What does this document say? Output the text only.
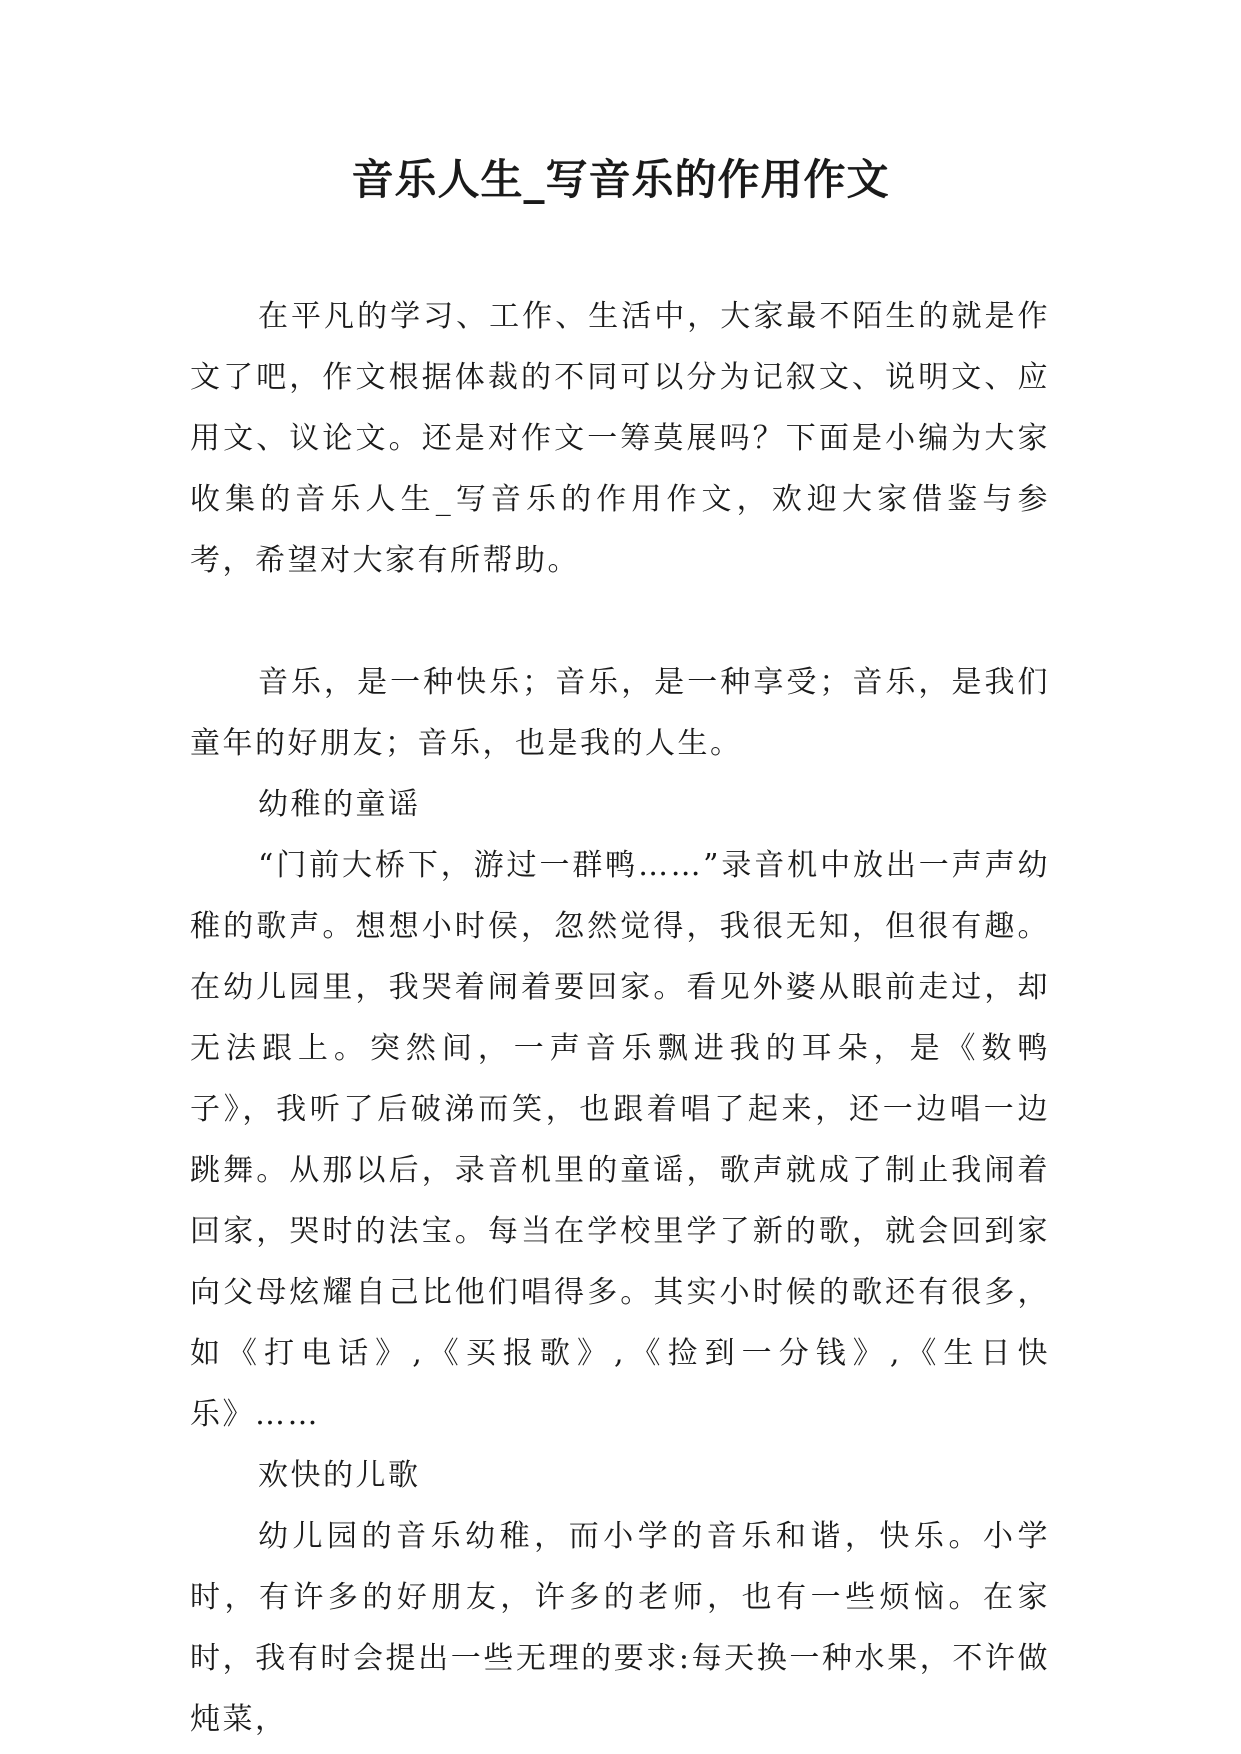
音乐人生_写音乐的作用作文

在平凡的学习、工作、生活中，大家最不陌生的就是作文了吧，作文根据体裁的不同可以分为记叙文、说明文、应用文、议论文。还是对作文一筹莫展吗？下面是小编为大家收集的音乐人生_写音乐的作用作文，欢迎大家借鉴与参考，希望对大家有所帮助。

音乐，是一种快乐；音乐，是一种享受；音乐，是我们童年的好朋友；音乐，也是我的人生。

幼稚的童谣

“门前大桥下，游过一群鸭……”录音机中放出一声声幼稚的歌声。想想小时侯，忽然觉得，我很无知，但很有趣。在幼儿园里，我哭着闹着要回家。看见外婆从眼前走过，却无法跟上。突然间，一声音乐飘进我的耳朵，是《数鸭子》，我听了后破涕而笑，也跟着唱了起来，还一边唱一边跳舞。从那以后，录音机里的童谣，歌声就成了制止我闹着回家，哭时的法宝。每当在学校里学了新的歌，就会回到家向父母炫耀自己比他们唱得多。其实小时候的歌还有很多，如《打电话》,《买报歌》,《捡到一分钱》,《生日快乐》……

欢快的儿歌

幼儿园的音乐幼稚，而小学的音乐和谐，快乐。小学时，有许多的好朋友，许多的老师，也有一些烦恼。在家时，我有时会提出一些无理的要求:每天换一种水果，不许做炖菜，
